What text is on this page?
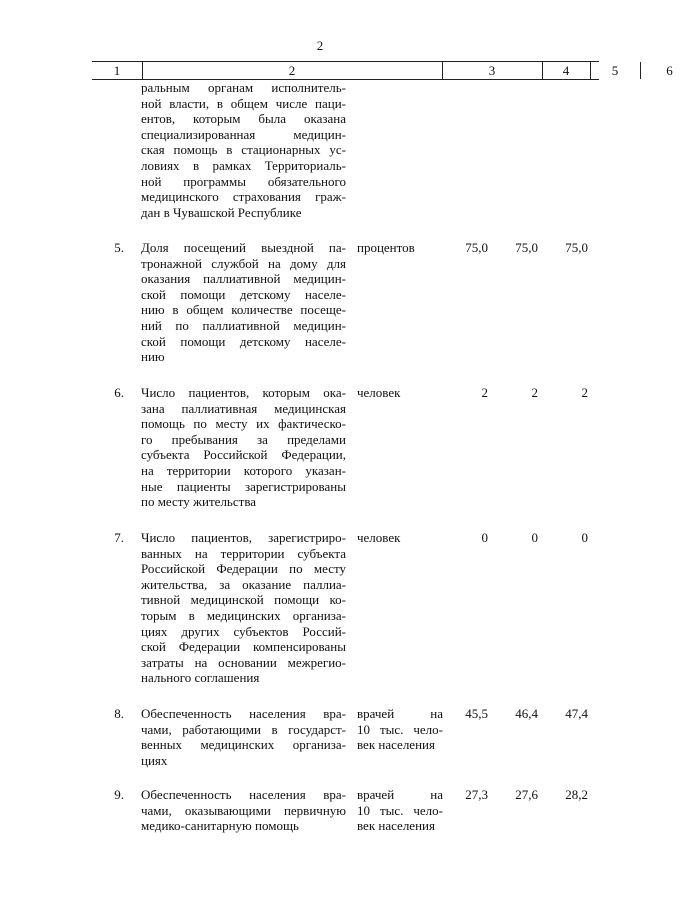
2
1	2	3	4	5	6
ральным органам исполнитель-
ной власти, в общем числе паци-
ентов, которым была оказана
специализированная медицин-
ская помощь в стационарных ус-
ловиях в рамках Территориаль-
ной программы обязательного
медицинского страхования граж-
дан в Чувашской Республике
5. Доля посещений выездной па-
тронажной службой на дому для
оказания паллиативной медицин-
ской помощи детскому населе-
нию в общем количестве посеще-
ний по паллиативной медицин-
ской помощи детскому населе-
нию
процентов	75,0	75,0	75,0
6. Число пациентов, которым ока-
зана паллиативная медицинская
помощь по месту их фактическо-
го пребывания за пределами
субъекта Российской Федерации,
на территории которого указан-
ные пациенты зарегистрированы
по месту жительства
человек	2	2	2
7. Число пациентов, зарегистриро-
ванных на территории субъекта
Российской Федерации по месту
жительства, за оказание паллиа-
тивной медицинской помощи ко-
торым в медицинских организа-
циях других субъектов Россий-
ской Федерации компенсированы
затраты на основании межрегио-
нального соглашения
человек	0	0	0
8. Обеспеченность населения вра-
чами, работающими в государст-
венных медицинских организа-
циях
врачей на
10 тыс. чело-
век населения
45,5	46,4	47,4
9. Обеспеченность населения вра-
чами, оказывающими первичную
медико-санитарную помощь
врачей на
10 тыс. чело-
век населения
27,3	27,6	28,2
